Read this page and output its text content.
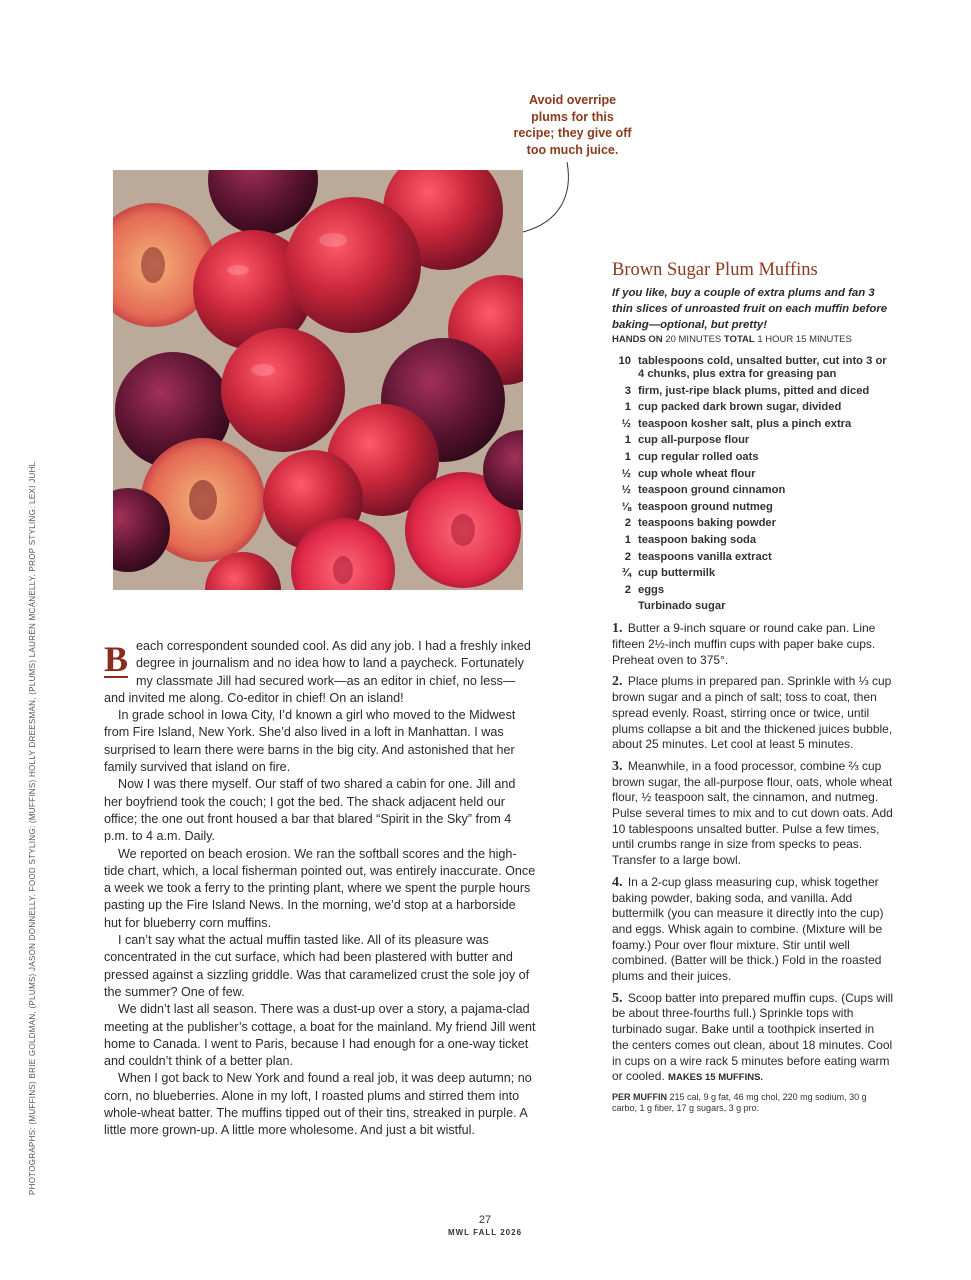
Avoid overripe
plums for this
recipe; they give off
too much juice.
PHOTOGRAPHS: (MUFFINS) BRIE GOLDMAN, (PLUMS) JASON DONNELLY. FOOD STYLING: (MUFFINS) HOLLY DREESMAN, (PLUMS) LAUREN MCANELLY. PROP STYLING: LEXI JUHL B each correspondent sounded cool. As did any job. I had a freshly inked degree in journalism and no idea how to land a paycheck. Fortunately my classmate Jill had secured work—as an editor in chief, no less—and invited me along. Co-editor in chief! On an island!

In grade school in Iowa City, I’d known a girl who moved to the Midwest from Fire Island, New York. She’d also lived in a loft in Manhattan. I was surprised to learn there were barns in the big city. And astonished that her family survived that island on fire.

Now I was there myself. Our staff of two shared a cabin for one. Jill and her boyfriend took the couch; I got the bed. The shack adjacent held our office; the one out front housed a bar that blared “Spirit in the Sky” from 4 p.m. to 4 a.m. Daily.

We reported on beach erosion. We ran the softball scores and the high-tide chart, which, a local fisherman pointed out, was entirely inaccurate. Once a week we took a ferry to the printing plant, where we spent the purple hours pasting up the Fire Island News. In the morning, we’d stop at a harborside hut for blueberry corn muffins.

I can’t say what the actual muffin tasted like. All of its pleasure was concentrated in the cut surface, which had been plastered with butter and pressed against a sizzling griddle. Was that caramelized crust the sole joy of the summer? One of few.

We didn’t last all season. There was a dust-up over a story, a pajama-clad meeting at the publisher’s cottage, a boat for the mainland. My friend Jill went home to Canada. I went to Paris, because I had enough for a one-way ticket and couldn’t think of a better plan.

When I got back to New York and found a real job, it was deep autumn; no corn, no blueberries. Alone in my loft, I roasted plums and stirred them into whole-wheat batter. The muffins tipped out of their tins, streaked in purple. A little more grown-up. A little more wholesome. And just a bit wistful.

Brown Sugar Plum Muffins

If you like, buy a couple of extra plums and fan 3 thin slices of unroasted fruit on each muffin before baking—optional, but pretty!

HANDS ON 20 MINUTES TOTAL 1 HOUR 15 MINUTES
10 tablespoons cold, unsalted butter, cut into 3 or 4 chunks, plus extra for greasing pan
3 firm, just-ripe black plums, pitted and diced
1 cup packed dark brown sugar, divided
½ teaspoon kosher salt, plus a pinch extra
1 cup all-purpose flour
1 cup regular rolled oats
½ cup whole wheat flour
½ teaspoon ground cinnamon
⅛ teaspoon ground nutmeg
2 teaspoons baking powder
1 teaspoon baking soda
2 teaspoons vanilla extract
¾ cup buttermilk
2 eggs
Turbinado sugar

1. Butter a 9-inch square or round cake pan. Line fifteen 2½-inch muffin cups with paper bake cups. Preheat oven to 375°.

2. Place plums in prepared pan. Sprinkle with ⅓ cup brown sugar and a pinch of salt; toss to coat, then spread evenly. Roast, stirring once or twice, until plums collapse a bit and the thickened juices bubble, about 25 minutes. Let cool at least 5 minutes.

3. Meanwhile, in a food processor, combine ⅔ cup brown sugar, the all-purpose flour, oats, whole wheat flour, ½ teaspoon salt, the cinnamon, and nutmeg. Pulse several times to mix and to cut down oats. Add 10 tablespoons unsalted butter. Pulse a few times, until crumbs range in size from specks to peas. Transfer to a large bowl.

4. In a 2-cup glass measuring cup, whisk together baking powder, baking soda, and vanilla. Add buttermilk (you can measure it directly into the cup) and eggs. Whisk again to combine. (Mixture will be foamy.) Pour over flour mixture. Stir until well combined. (Batter will be thick.) Fold in the roasted plums and their juices.

5. Scoop batter into prepared muffin cups. (Cups will be about three-fourths full.) Sprinkle tops with turbinado sugar. Bake until a toothpick inserted in the centers comes out clean, about 18 minutes. Cool in cups on a wire rack 5 minutes before eating warm or cooled. MAKES 15 MUFFINS.

PER MUFFIN 215 cal, 9 g fat, 46 mg chol, 220 mg sodium, 30 g carbo, 1 g fiber, 17 g sugars, 3 g pro.

27
MWL FALL 2026
